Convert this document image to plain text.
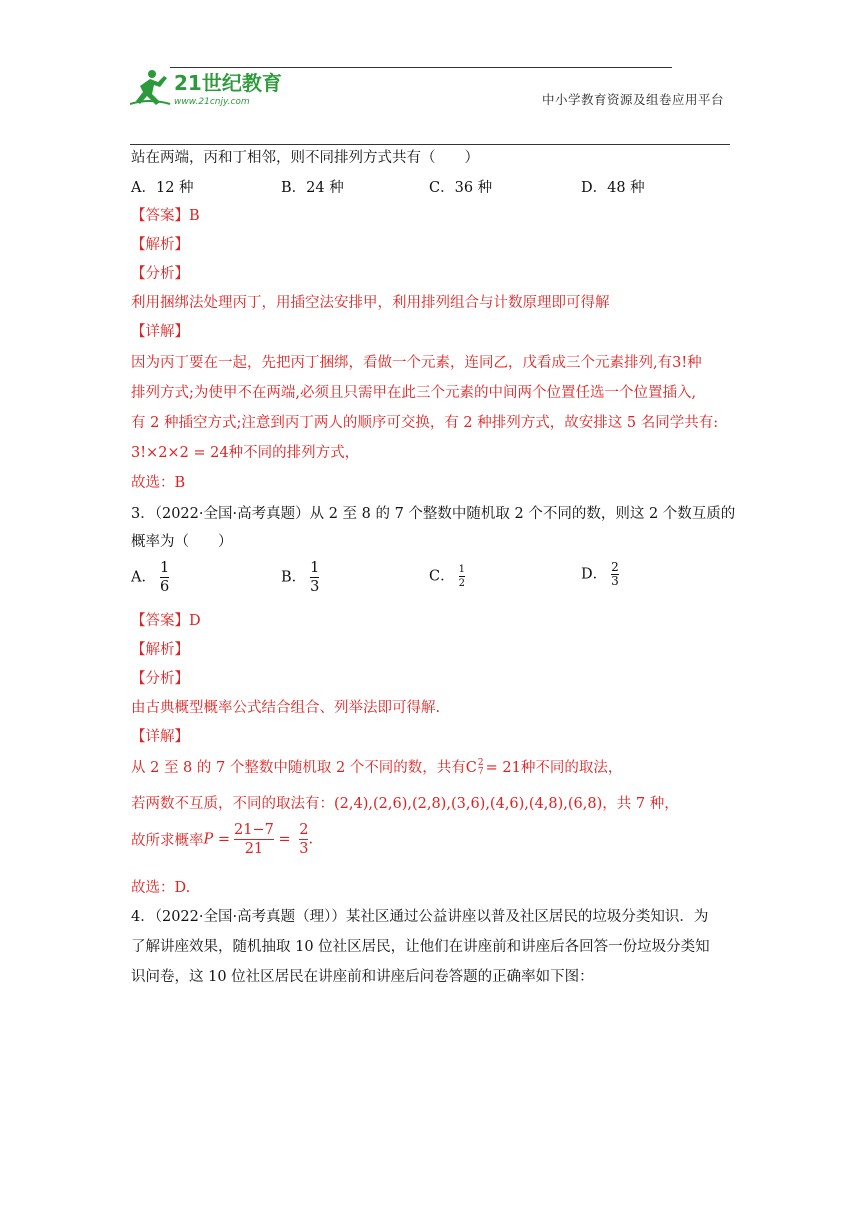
21世纪教育
www.21cnjy.com	中小学教育资源及组卷应用平台
站在两端，丙和丁相邻，则不同排列方式共有（　　）
A．12 种	B．24 种	C．36 种	D．48 种
【答案】B
【解析】
【分析】
利用捆绑法处理丙丁，用插空法安排甲，利用排列组合与计数原理即可得解
【详解】
因为丙丁要在一起，先把丙丁捆绑，看做一个元素，连同乙，戊看成三个元素排列,有3!种
排列方式;为使甲不在两端,必须且只需甲在此三个元素的中间两个位置任选一个位置插入,
有 2 种插空方式;注意到丙丁两人的顺序可交换，有 2 种排列方式，故安排这 5 名同学共有:
3!×2×2 = 24种不同的排列方式，
故选：B
3．（2022·全国·高考真题）从 2 至 8 的 7 个整数中随机取 2 个不同的数，则这 2 个数互质的
概率为（　　）
A． $\frac{1}{6}$	B． $\frac{1}{3}$	C． $\frac{1}{2}$	D． $\frac{2}{3}$
【答案】D
【解析】
【分析】
由古典概型概率公式结合组合、列举法即可得解.
【详解】
从 2 至 8 的 7 个整数中随机取 2 个不同的数，共有C 2
7 = 21种不同的取法，
若两数不互质，不同的取法有：(2,4),(2,6),(2,8),(3,6),(4,6),(4,8),(6,8)，共 7 种，
故所求概率$P = \frac{21-7}{21} = \frac{2}{3}$ .
故选：D.
4．（2022·全国·高考真题（理））某社区通过公益讲座以普及社区居民的垃圾分类知识．为
了解讲座效果，随机抽取 10 位社区居民，让他们在讲座前和讲座后各回答一份垃圾分类知
识问卷，这 10 位社区居民在讲座前和讲座后问卷答题的正确率如下图：
